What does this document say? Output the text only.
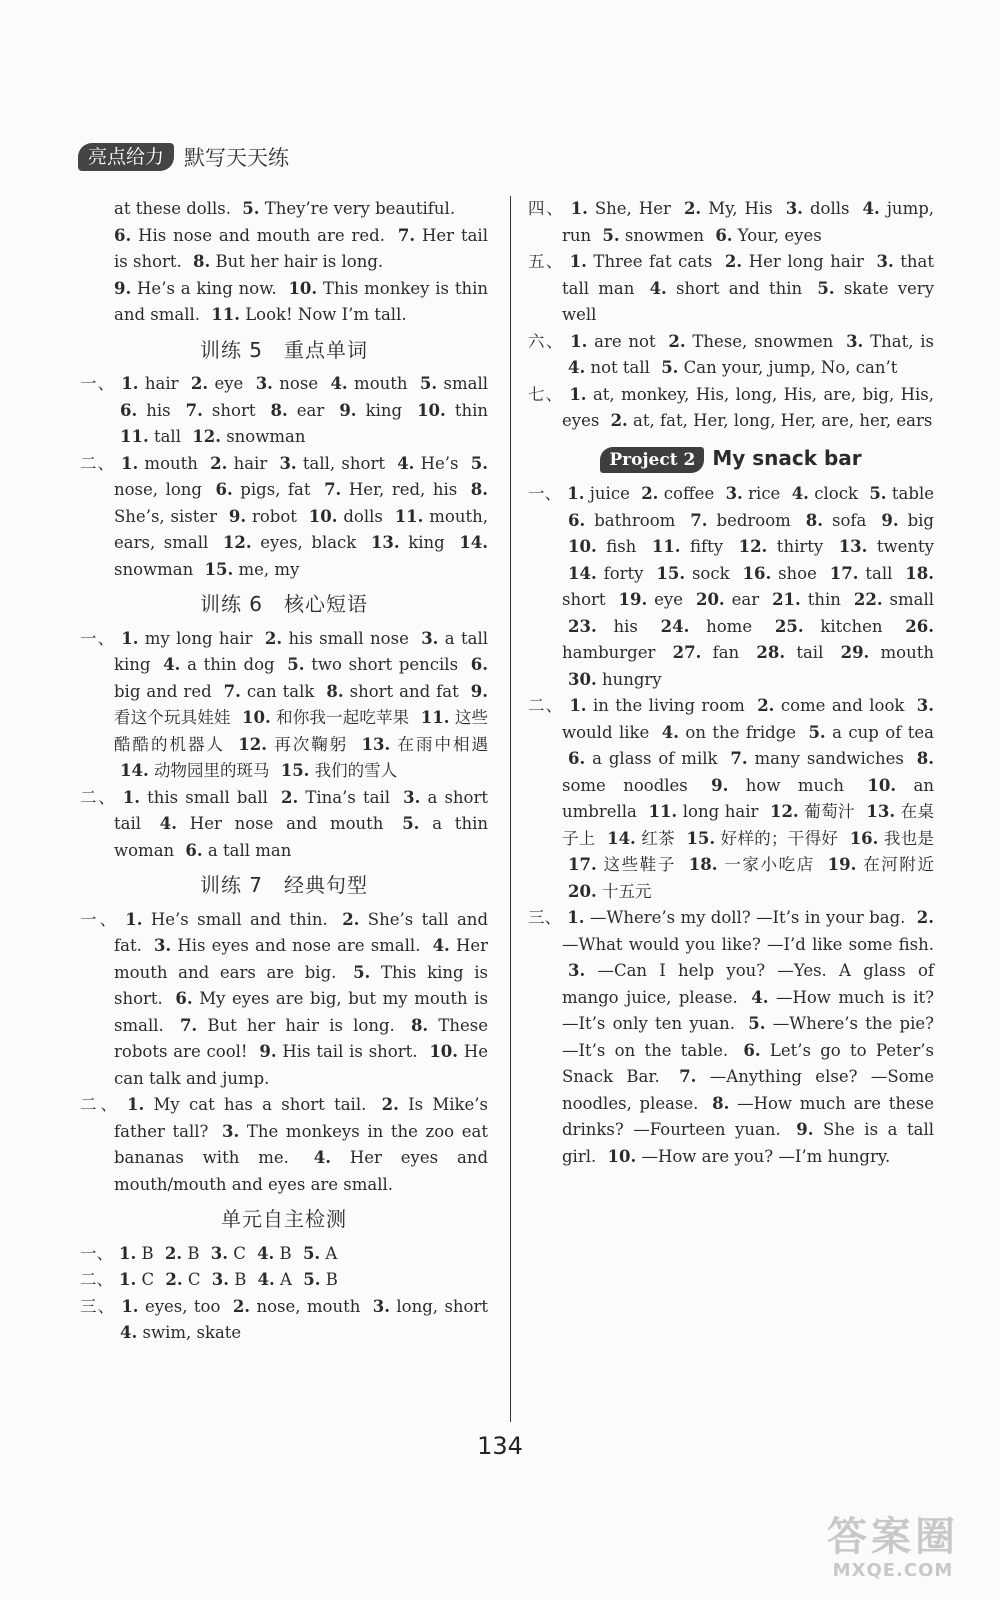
亮点给力 默写天天练

at these dolls. 5. They’re very beautiful.

6. His nose and mouth are red. 7. Her tail is short. 8. But her hair is long.

9. He’s a king now. 10. This monkey is thin and small. 11. Look! Now I’m tall.

训练 5　重点单词

一、 1. hair 2. eye 3. nose 4. mouth 5. small 6. his 7. short 8. ear 9. king 10. thin 11. tall 12. snowman

二、 1. mouth 2. hair 3. tall, short 4. He’s 5. nose, long 6. pigs, fat 7. Her, red, his 8. She’s, sister 9. robot 10. dolls 11. mouth, ears, small 12. eyes, black 13. king 14. snowman 15. me, my

训练 6　核心短语

一、 1. my long hair 2. his small nose 3. a tall king 4. a thin dog 5. two short pencils 6. big and red 7. can talk 8. short and fat 9. 看这个玩具娃娃 10. 和你我一起吃苹果 11. 这些酷酷的机器人 12. 再次鞠躬 13. 在雨中相遇 14. 动物园里的斑马 15. 我们的雪人

二、 1. this small ball 2. Tina’s tail 3. a short tail 4. Her nose and mouth 5. a thin woman 6. a tall man

训练 7　经典句型

一、 1. He’s small and thin. 2. She’s tall and fat. 3. His eyes and nose are small. 4. Her mouth and ears are big. 5. This king is short. 6. My eyes are big, but my mouth is small. 7. But her hair is long. 8. These robots are cool! 9. His tail is short. 10. He can talk and jump.

二、 1. My cat has a short tail. 2. Is Mike’s father tall? 3. The monkeys in the zoo eat bananas with me. 4. Her eyes and mouth/mouth and eyes are small.

单元自主检测

一、 1. B 2. B 3. C 4. B 5. A

二、 1. C 2. C 3. B 4. A 5. B

三、 1. eyes, too 2. nose, mouth 3. long, short 4. swim, skate

四、 1. She, Her 2. My, His 3. dolls 4. jump, run 5. snowmen 6. Your, eyes

五、 1. Three fat cats 2. Her long hair 3. that tall man 4. short and thin 5. skate very well

六、 1. are not 2. These, snowmen 3. That, is 4. not tall 5. Can your, jump, No, can’t

七、 1. at, monkey, His, long, His, are, big, His, eyes 2. at, fat, Her, long, Her, are, her, ears

Project 2 My snack bar

一、 1. juice 2. coffee 3. rice 4. clock 5. table 6. bathroom 7. bedroom 8. sofa 9. big 10. fish 11. fifty 12. thirty 13. twenty 14. forty 15. sock 16. shoe 17. tall 18. short 19. eye 20. ear 21. thin 22. small 23. his 24. home 25. kitchen 26. hamburger 27. fan 28. tail 29. mouth 30. hungry

二、 1. in the living room 2. come and look 3. would like 4. on the fridge 5. a cup of tea 6. a glass of milk 7. many sandwiches 8. some noodles 9. how much 10. an umbrella 11. long hair 12. 葡萄汁 13. 在桌子上 14. 红茶 15. 好样的；干得好 16. 我也是 17. 这些鞋子 18. 一家小吃店 19. 在河附近 20. 十五元

三、 1. —Where’s my doll? —It’s in your bag. 2. —What would you like? —I’d like some fish. 3. —Can I help you? —Yes. A glass of mango juice, please. 4. —How much is it? —It’s only ten yuan. 5. —Where’s the pie? —It’s on the table. 6. Let’s go to Peter’s Snack Bar. 7. —Anything else? —Some noodles, please. 8. —How much are these drinks? —Fourteen yuan. 9. She is a tall girl. 10. —How are you? —I’m hungry.

134
答案圈
MXQE.COM
